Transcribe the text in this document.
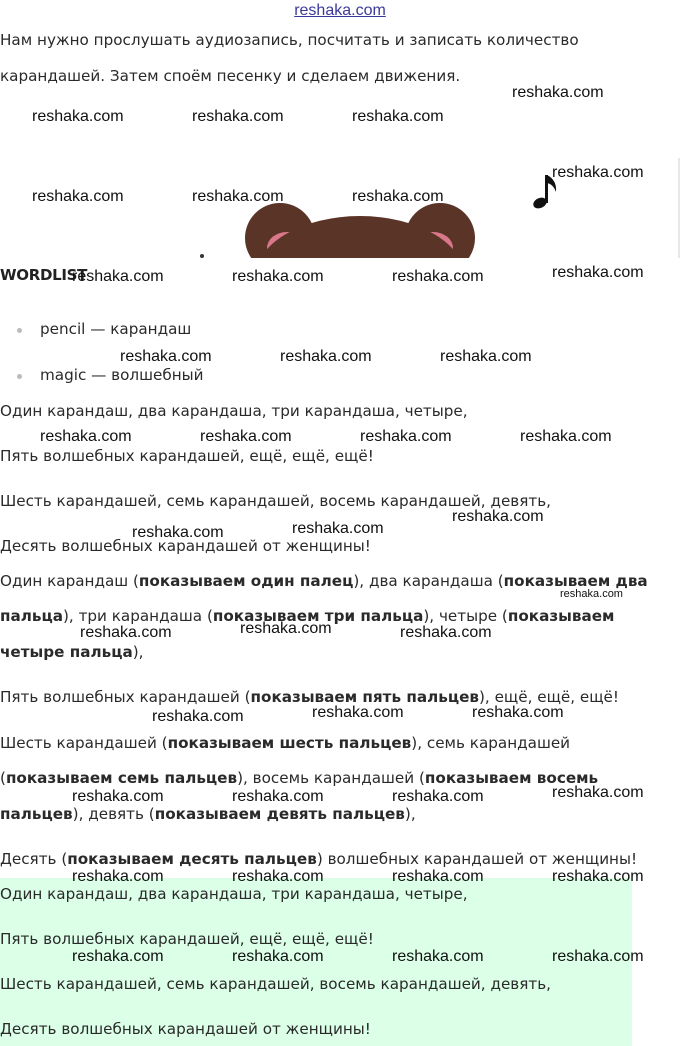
reshaka.com

Нам нужно прослушать аудиозапись, посчитать и записать количество

карандашей. Затем споём песенку и сделаем движения.

WORDLIST
pencil — карандаш
magic — волшебный

Один карандаш, два карандаша, три карандаша, четыре,

Пять волшебных карандашей, ещё, ещё, ещё!

Шесть карандашей, семь карандашей, восемь карандашей, девять,

Десять волшебных карандашей от женщины!

Один карандаш (показываем один палец), два карандаша (показываем два

пальца), три карандаша (показываем три пальца), четыре (показываем

четыре пальца),

Пять волшебных карандашей (показываем пять пальцев), ещё, ещё, ещё!

Шесть карандашей (показываем шесть пальцев), семь карандашей

(показываем семь пальцев), восемь карандашей (показываем восемь

пальцев), девять (показываем девять пальцев),

Десять (показываем десять пальцев) волшебных карандашей от женщины!

Один карандаш, два карандаша, три карандаша, четыре,

Пять волшебных карандашей, ещё, ещё, ещё!

Шесть карандашей, семь карандашей, восемь карандашей, девять,

Десять волшебных карандашей от женщины!

reshaka.com
reshaka.com	reshaka.com	reshaka.com
reshaka.com
reshaka.com	reshaka.com	reshaka.com
reshaka.com	reshaka.com	reshaka.com	reshaka.com
reshaka.com	reshaka.com	reshaka.com
reshaka.com	reshaka.com	reshaka.com	reshaka.com
reshaka.com
reshaka.com	reshaka.com
reshaka.com
reshaka.com	reshaka.com	reshaka.com
reshaka.com	reshaka.com	reshaka.com
reshaka.com	reshaka.com	reshaka.com	reshaka.com
reshaka.com	reshaka.com	reshaka.com	reshaka.com
reshaka.com	reshaka.com	reshaka.com	reshaka.com
